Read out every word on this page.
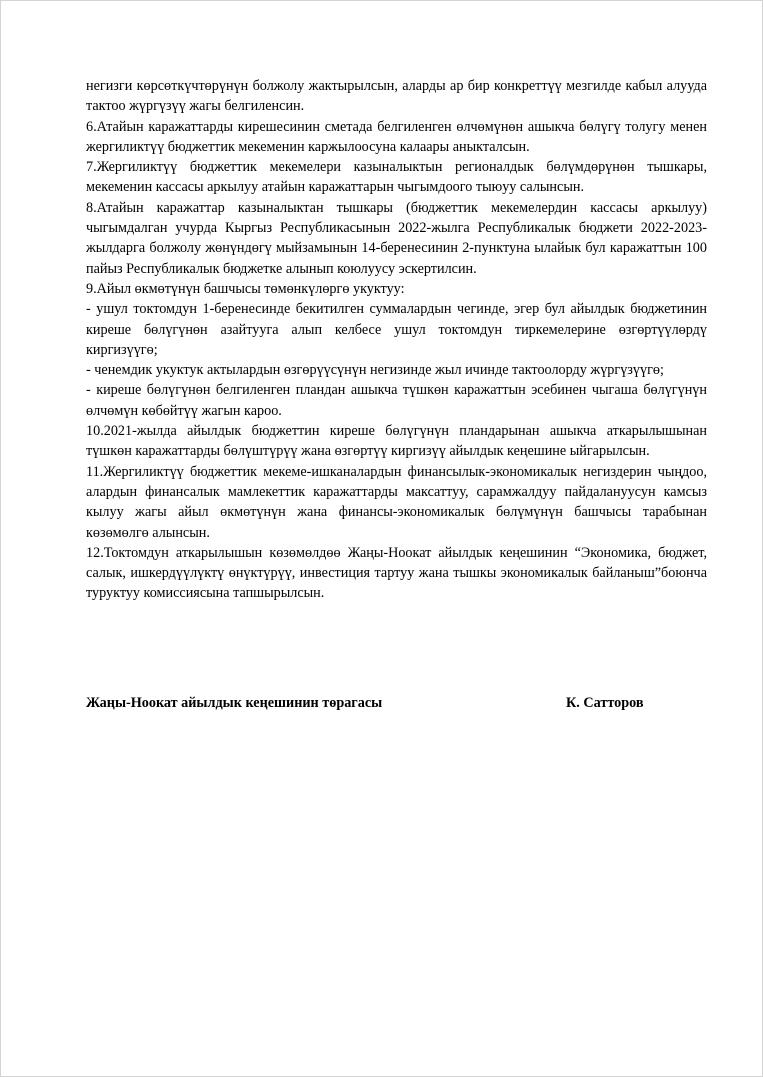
негизги көрсөткүчтөрүнүн болжолу жактырылсын, аларды ар бир конкреттүү мезгилде кабыл алууда тактоо жүргүзүү жагы белгиленсин.

6.Атайын каражаттарды кирешесинин сметада белгиленген өлчөмүнөн ашыкча бөлүгү толугу менен жергиликтүү бюджеттик мекеменин каржылоосуна калаары аныкталсын.

7.Жергиликтүү бюджеттик мекемелери казыналыктын регионалдык бөлүмдөрүнөн тышкары, мекеменин кассасы аркылуу атайын каражаттарын чыгымдоого тыюуу салынсын.

8.Атайын каражаттар казыналыктан тышкары (бюджеттик мекемелердин кассасы аркылуу) чыгымдалган учурда Кыргыз Республикасынын 2022-жылга Республикалык бюджети 2022-2023-жылдарга болжолу жөнүндөгү мыйзамынын 14-беренесинин 2-пунктуна ылайык бул каражаттын 100 пайыз Республикалык бюджетке алынып коюлуусу эскертилсин.

9.Айыл өкмөтүнүн башчысы төмөнкүлөргө укуктуу:

- ушул токтомдун 1-беренесинде бекитилген суммалардын чегинде, эгер бул айылдык бюджетинин киреше бөлүгүнөн азайтууга алып келбесе ушул токтомдун тиркемелерине өзгөртүүлөрдү киргизүүгө;

- ченемдик укуктук актылардын өзгөрүүсүнүн негизинде жыл ичинде тактоолорду жүргүзүүгө;

- киреше бөлүгүнөн белгиленген пландан ашыкча түшкөн каражаттын эсебинен чыгаша бөлүгүнүн өлчөмүн көбөйтүү жагын кароо.

10.2021-жылда айылдык бюджеттин киреше бөлүгүнүн пландарынан ашыкча аткарылышынан түшкөн каражаттарды бөлүштүрүү жана өзгөртүү киргизүү айылдык кеңешине ыйгарылсын.

11.Жергиликтүү бюджеттик мекеме-ишканалардын финансылык-экономикалык негиздерин чыңдоо, алардын финансалык мамлекеттик каражаттарды максаттуу, сарамжалдуу пайдалануусун камсыз кылуу жагы айыл өкмөтүнүн жана финансы-экономикалык бөлүмүнүн башчысы тарабынан көзөмөлгө алынсын.

12.Токтомдун аткарылышын көзөмөлдөө Жаңы-Ноокат айылдык кеңешинин “Экономика, бюджет, салык, ишкердүүлүктү өнүктүрүү, инвестиция тартуу жана тышкы экономикалык байланыш”боюнча туруктуу комиссиясына тапшырылсын.

Жаңы-Ноокат айылдык кеңешинин төрагасы	К. Сатторов
